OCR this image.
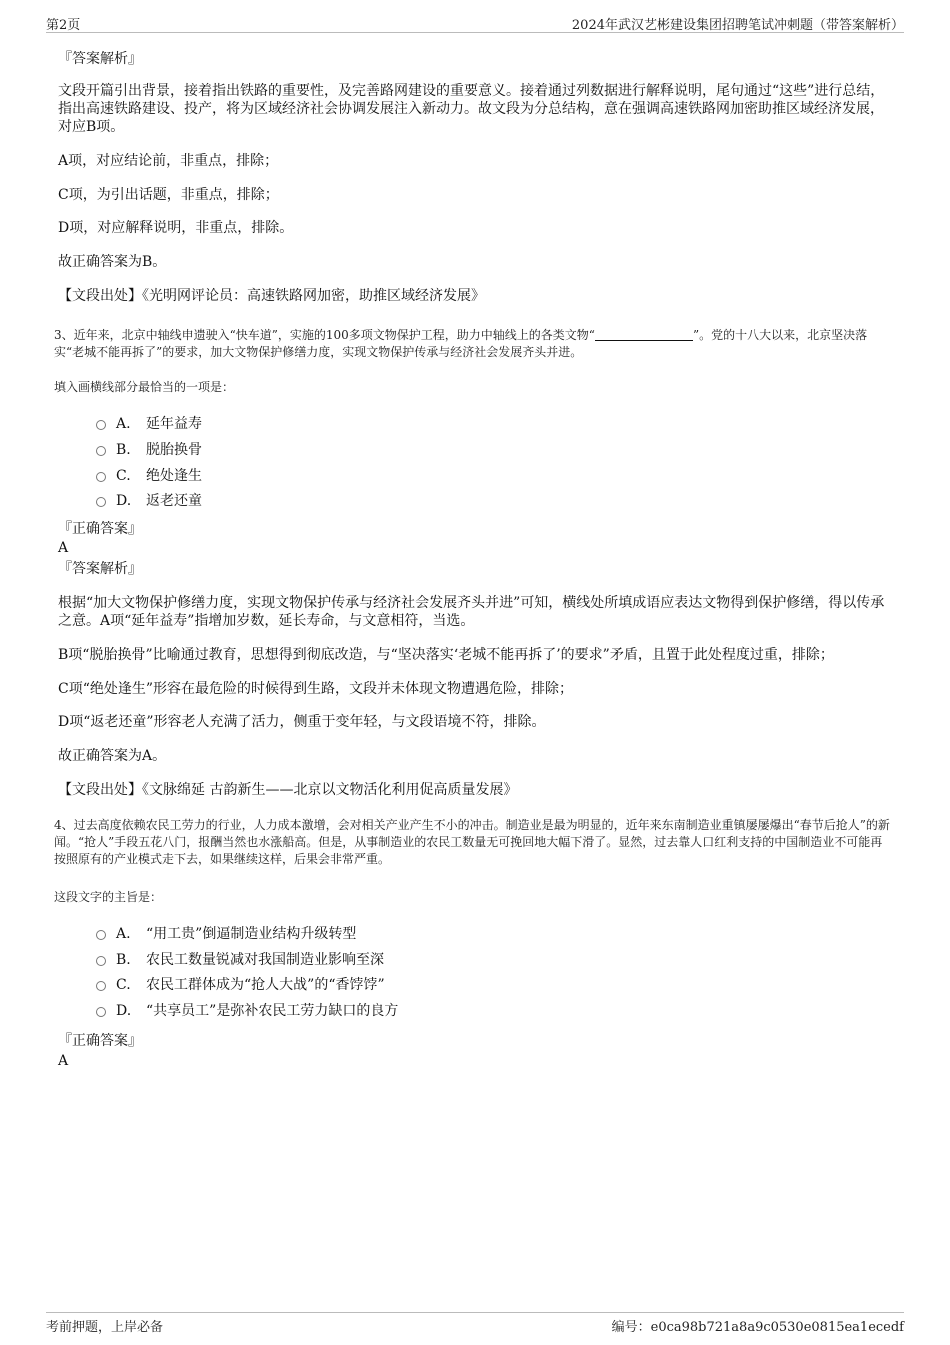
第2页	2024年武汉艺彬建设集团招聘笔试冲刺题（带答案解析）

『答案解析』

文段开篇引出背景，接着指出铁路的重要性，及完善路网建设的重要意义。接着通过列数据进行解释说明，尾句通过“这些”进行总结，指出高速铁路建设、投产，将为区域经济社会协调发展注入新动力。故文段为分总结构，意在强调高速铁路网加密助推区域经济发展，对应B项。

A项，对应结论前，非重点，排除；

C项，为引出话题，非重点，排除；

D项，对应解释说明，非重点，排除。

故正确答案为B。

【文段出处】《光明网评论员：高速铁路网加密，助推区域经济发展》

3、近年来，北京中轴线申遗驶入“快车道”，实施的100多项文物保护工程，助力中轴线上的各类文物“	”。党的十八大以来，北京坚决落实“老城不能再拆了”的要求，加大文物保护修缮力度，实现文物保护传承与经济社会发展齐头并进。

填入画横线部分最恰当的一项是：

A. 延年益寿
B. 脱胎换骨
C. 绝处逢生
D. 返老还童

『正确答案』

A

『答案解析』

根据“加大文物保护修缮力度，实现文物保护传承与经济社会发展齐头并进”可知，横线处所填成语应表达文物得到保护修缮，得以传承之意。A项“延年益寿”指增加岁数，延长寿命，与文意相符，当选。

B项“脱胎换骨”比喻通过教育，思想得到彻底改造，与“坚决落实‘老城不能再拆了’的要求”矛盾，且置于此处程度过重，排除；

C项“绝处逢生”形容在最危险的时候得到生路，文段并未体现文物遭遇危险，排除；

D项“返老还童”形容老人充满了活力，侧重于变年轻，与文段语境不符，排除。

故正确答案为A。

【文段出处】《文脉绵延 古韵新生——北京以文物活化利用促高质量发展》

4、过去高度依赖农民工劳力的行业，人力成本激增，会对相关产业产生不小的冲击。制造业是最为明显的，近年来东南制造业重镇屡屡爆出“春节后抢人”的新闻。“抢人”手段五花八门，报酬当然也水涨船高。但是，从事制造业的农民工数量无可挽回地大幅下滑了。显然，过去靠人口红利支持的中国制造业不可能再按照原有的产业模式走下去，如果继续这样，后果会非常严重。

这段文字的主旨是：

A. “用工贵”倒逼制造业结构升级转型
B. 农民工数量锐减对我国制造业影响至深
C. 农民工群体成为“抢人大战”的“香饽饽”
D. “共享员工”是弥补农民工劳力缺口的良方

『正确答案』

A

考前押题，上岸必备	编号：e0ca98b721a8a9c0530e0815ea1ecedf
